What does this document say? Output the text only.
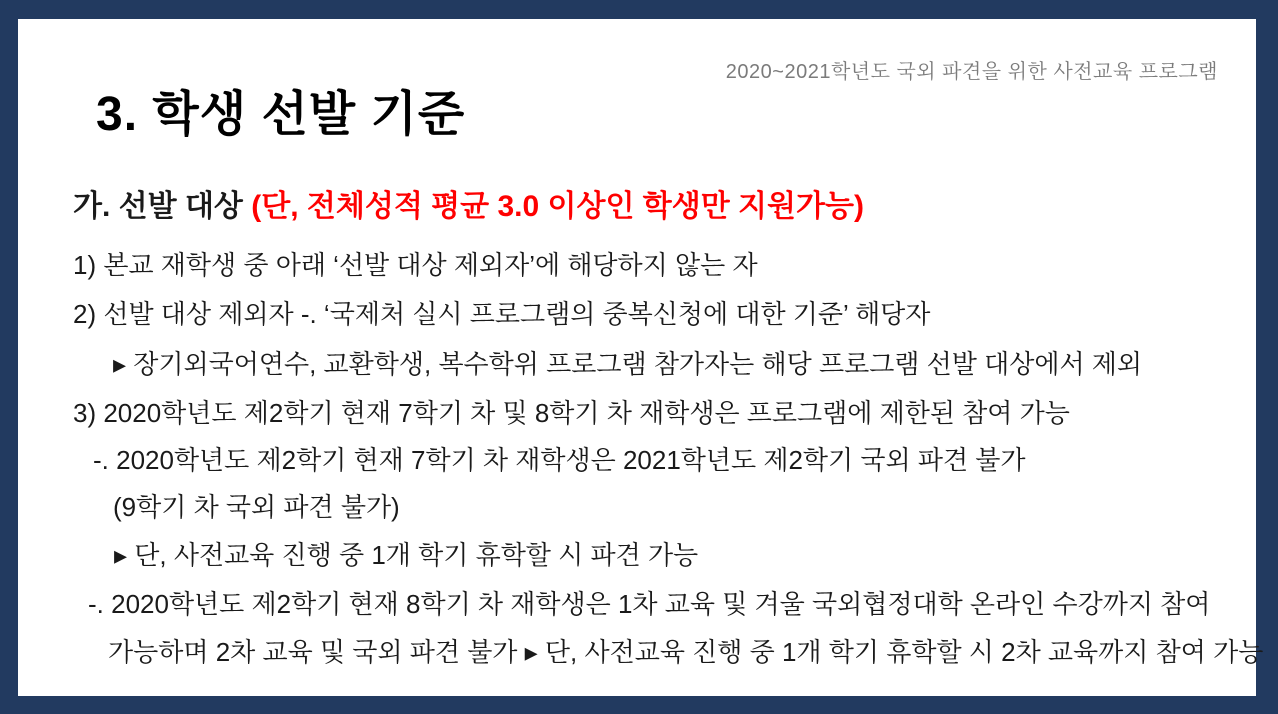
2020~2021학년도 국외 파견을 위한 사전교육 프로그램
3. 학생 선발 기준
가. 선발 대상 (단, 전체성적 평균 3.0 이상인 학생만 지원가능)
1) 본교 재학생 중 아래 ‘선발 대상 제외자’에 해당하지 않는 자
2) 선발 대상 제외자 -. ‘국제처 실시 프로그램의 중복신청에 대한 기준’ 해당자
▸ 장기외국어연수, 교환학생, 복수학위 프로그램 참가자는 해당 프로그램 선발 대상에서 제외
3) 2020학년도 제2학기 현재 7학기 차 및 8학기 차 재학생은 프로그램에 제한된 참여 가능
-. 2020학년도 제2학기 현재 7학기 차 재학생은 2021학년도 제2학기 국외 파견 불가
(9학기 차 국외 파견 불가)
▸ 단, 사전교육 진행 중 1개 학기 휴학할 시 파견 가능
-. 2020학년도 제2학기 현재 8학기 차 재학생은 1차 교육 및 겨울 국외협정대학 온라인 수강까지 참여
가능하며 2차 교육 및 국외 파견 불가 ▸ 단, 사전교육 진행 중 1개 학기 휴학할 시 2차 교육까지 참여 가능
